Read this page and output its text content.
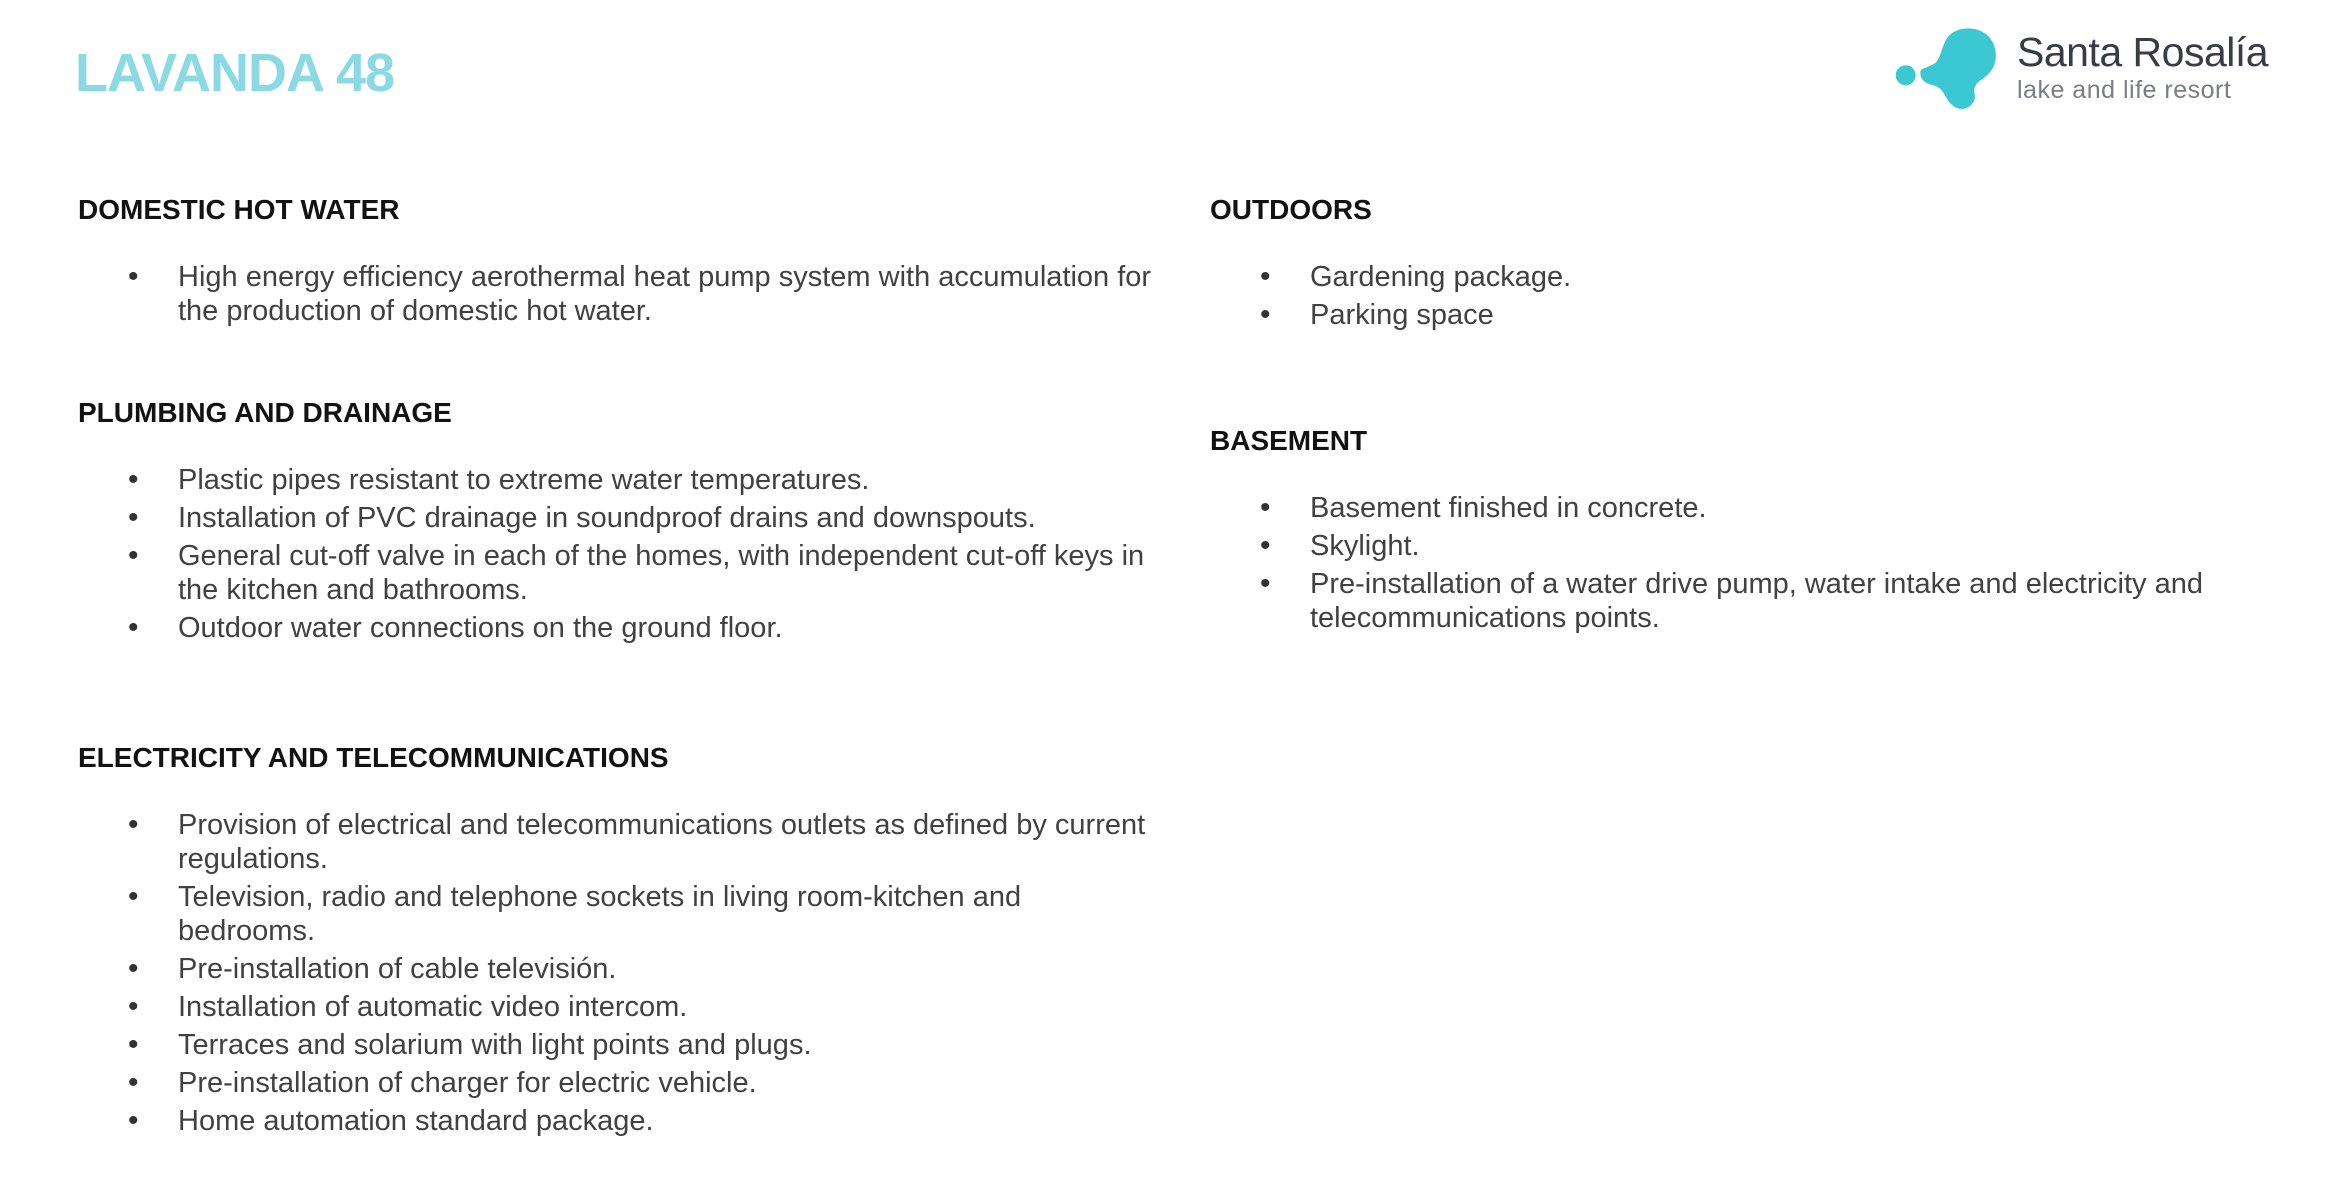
LAVANDA 48	Santa Rosalía
lake and life resort
DOMESTIC HOT WATER
• High energy efficiency aerothermal heat pump system with accumulation for the production of domestic hot water.
PLUMBING AND DRAINAGE
• Plastic pipes resistant to extreme water temperatures.
• Installation of PVC drainage in soundproof drains and downspouts.
• General cut-off valve in each of the homes, with independent cut-off keys in the kitchen and bathrooms.
• Outdoor water connections on the ground floor.
ELECTRICITY AND TELECOMMUNICATIONS
• Provision of electrical and telecommunications outlets as defined by current regulations.
• Television, radio and telephone sockets in living room-kitchen and bedrooms.
• Pre-installation of cable televisión.
• Installation of automatic video intercom.
• Terraces and solarium with light points and plugs.
• Pre-installation of charger for electric vehicle.
• Home automation standard package.
OUTDOORS
• Gardening package.
• Parking space
BASEMENT
• Basement finished in concrete.
• Skylight.
• Pre-installation of a water drive pump, water intake and electricity and telecommunications points.
